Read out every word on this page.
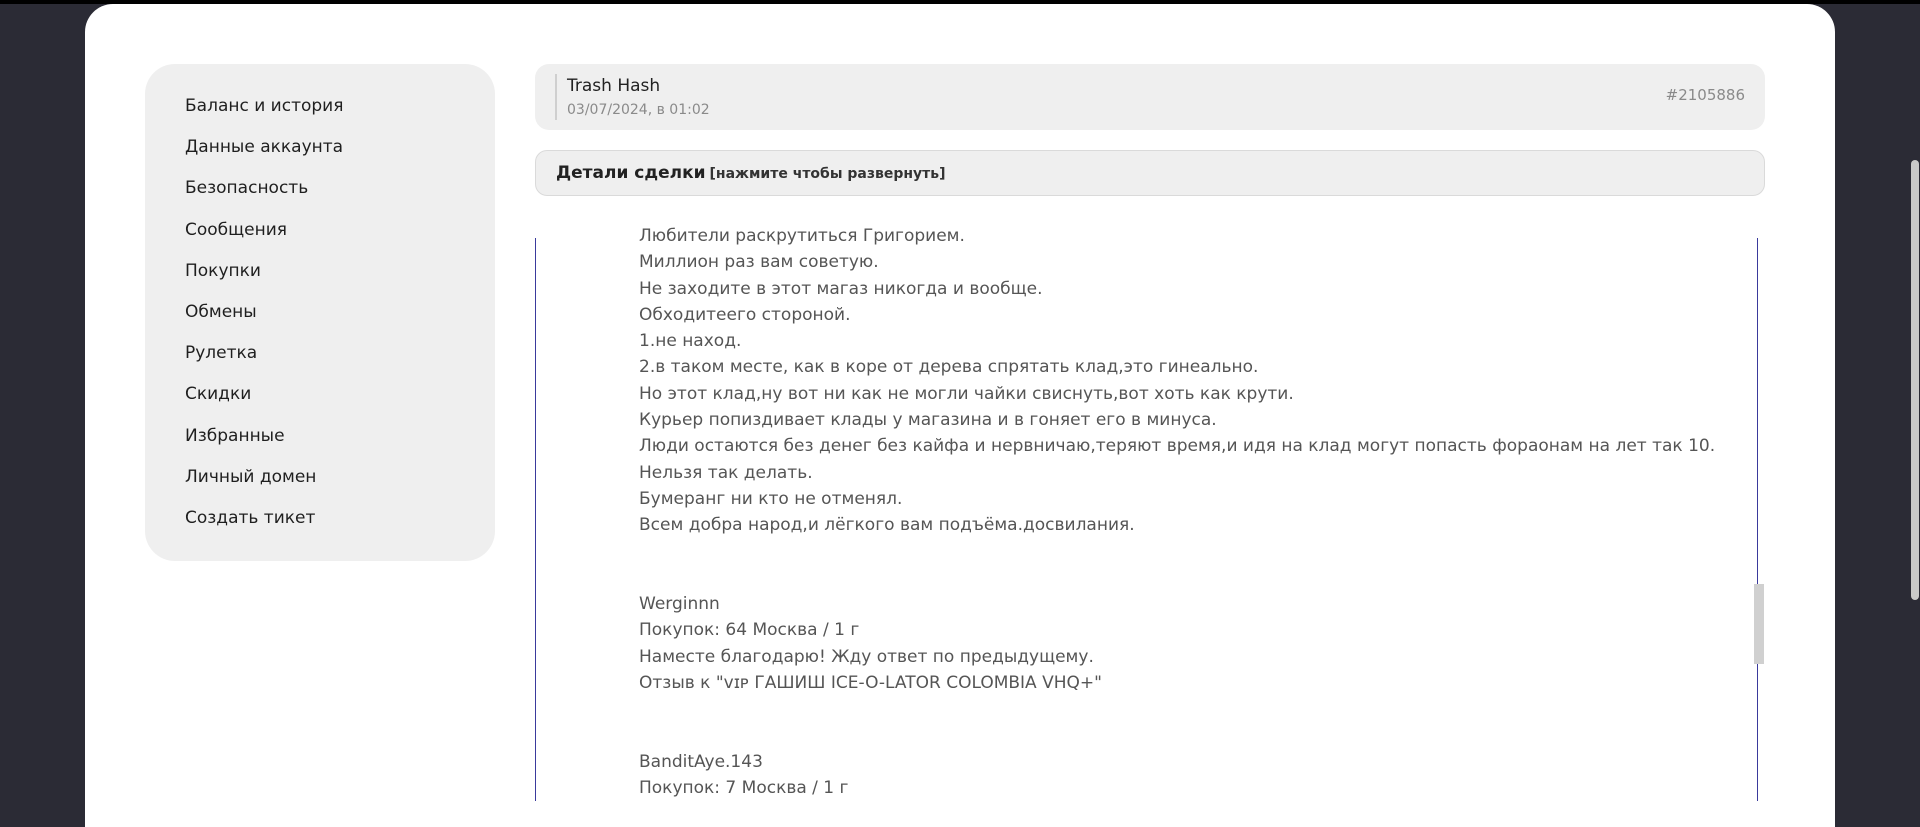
Баланс и история
Данные аккаунта
Безопасность
Сообщения
Покупки
Обмены
Рулетка
Скидки
Избранные
Личный домен
Создать тикет
Trash Hash
03/07/2024, в 01:02
#2105886
Детали сделки [нажмите чтобы развернуть]
Любители раскрутиться Григорием.
Миллион раз вам советую.
Не заходите в этот магаз никогда и вообще.
Обходитеего стороной.
1.не наход.
2.в таком месте, как в коре от дерева спрятать клад,это гинеально.
Но этот клад,ну вот ни как не могли чайки свиснуть,вот хоть как крути.
Курьер попиздивает клады у магазина и в гоняет его в минуса.
Люди остаются без денег без кайфа и нервничаю,теряют время,и идя на клад могут попасть фораонам на лет так 10.
Нельзя так делать.
Бумеранг ни кто не отменял.
Всем добра народ,и лёгкого вам подъёма.досвилания.
Werginnn
Покупок: 64 Москва / 1 г
Наместе благодарю! Жду ответ по предыдущему.
Отзыв к "ᴠɪᴘ ГАШИШ ICE-O-LATOR COLOMBIA VHQ+"
BanditAye.143
Покупок: 7 Москва / 1 г
